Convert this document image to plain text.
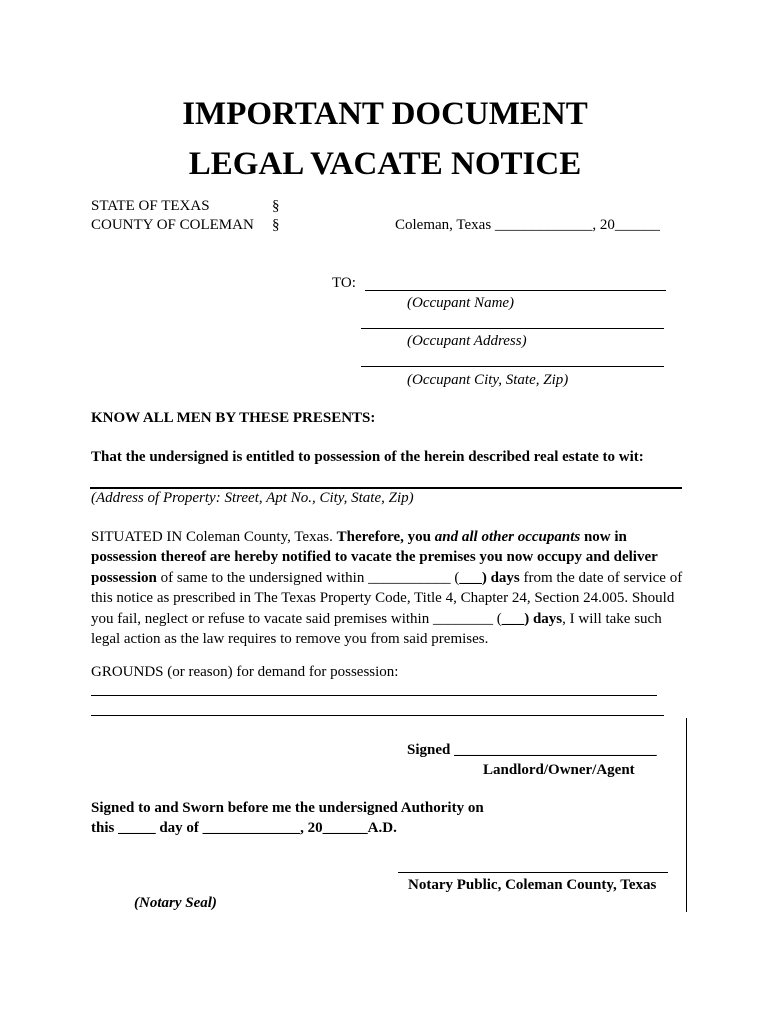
IMPORTANT DOCUMENT
LEGAL VACATE NOTICE
STATE OF TEXAS	§
COUNTY OF COLEMAN §	Coleman, Texas _____________, 20______
TO:
(Occupant Name)
(Occupant Address)
(Occupant City, State, Zip)
KNOW ALL MEN BY THESE PRESENTS:
That the undersigned is entitled to possession of the herein described real estate to wit:
(Address of Property: Street, Apt No., City, State, Zip)
SITUATED IN Coleman County, Texas. Therefore, you and all other occupants now in possession thereof are hereby notified to vacate the premises you now occupy and deliver possession of same to the undersigned within ___________ (___) days from the date of service of this notice as prescribed in The Texas Property Code, Title 4, Chapter 24, Section 24.005. Should you fail, neglect or refuse to vacate said premises within ________ (___) days, I will take such legal action as the law requires to remove you from said premises.
GROUNDS (or reason) for demand for possession:
Signed ___________________________
Landlord/Owner/Agent
Signed to and Sworn before me the undersigned Authority on
this _____ day of _____________, 20______A.D.
Notary Public, Coleman County, Texas
(Notary Seal)
